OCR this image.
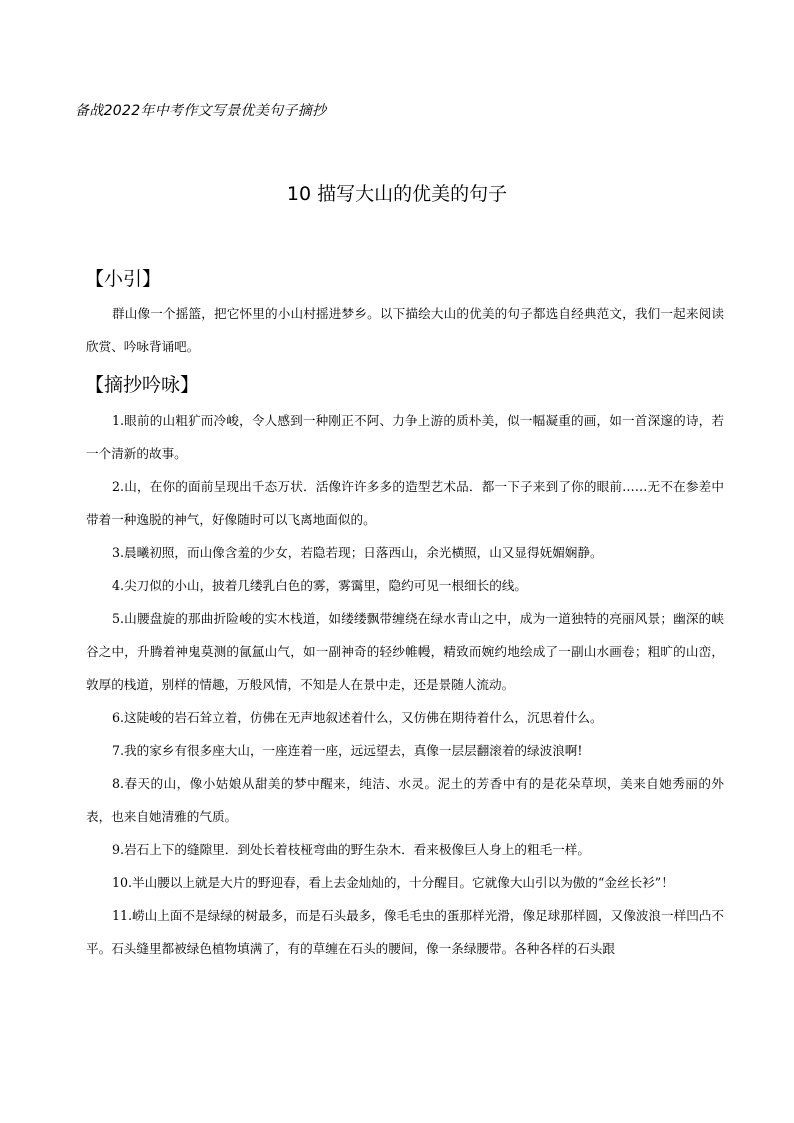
备战2022年中考作文写景优美句子摘抄
10 描写大山的优美的句子
【小引】

群山像一个摇篮，把它怀里的小山村摇进梦乡。以下描绘大山的优美的句子都选自经典范文，我们一起来阅读欣赏、吟咏背诵吧。

【摘抄吟咏】

1.眼前的山粗犷而冷峻，令人感到一种刚正不阿、力争上游的质朴美，似一幅凝重的画，如一首深邃的诗，若一个清新的故事。

2.山，在你的面前呈现出千态万状．活像许许多多的造型艺术品．都一下子来到了你的眼前……无不在参差中带着一种逸脱的神气，好像随时可以飞离地面似的。

3.晨曦初照，而山像含羞的少女，若隐若现；日落西山，余光横照，山又显得妩媚娴静。

4.尖刀似的小山，披着几缕乳白色的雾，雾霭里，隐约可见一根细长的线。

5.山腰盘旋的那曲折险峻的实木栈道，如缕缕飘带缠绕在绿水青山之中，成为一道独特的亮丽风景；幽深的峡谷之中，升腾着神鬼莫测的氤氲山气，如一副神奇的轻纱帷幔，精致而婉约地绘成了一副山水画卷；粗旷的山峦，敦厚的栈道，别样的情趣，万般风情，不知是人在景中走，还是景随人流动。

6.这陡峻的岩石耸立着，仿佛在无声地叙述着什么，又仿佛在期待着什么，沉思着什么。

7.我的家乡有很多座大山，一座连着一座，远远望去，真像一层层翻滚着的绿波浪啊!

8.春天的山，像小姑娘从甜美的梦中醒来，纯洁、水灵。泥土的芳香中有的是花朵草坝，美来自她秀丽的外表，也来自她清雅的气质。

9.岩石上下的缝隙里．到处长着枝桠弯曲的野生杂木．看来极像巨人身上的粗毛一样。

10.半山腰以上就是大片的野迎春，看上去金灿灿的，十分醒目。它就像大山引以为傲的“金丝长衫”！

11.崂山上面不是绿绿的树最多，而是石头最多，像毛毛虫的蛋那样光滑，像足球那样圆，又像波浪一样凹凸不平。石头缝里都被绿色植物填满了，有的草缠在石头的腰间，像一条绿腰带。各种各样的石头跟
